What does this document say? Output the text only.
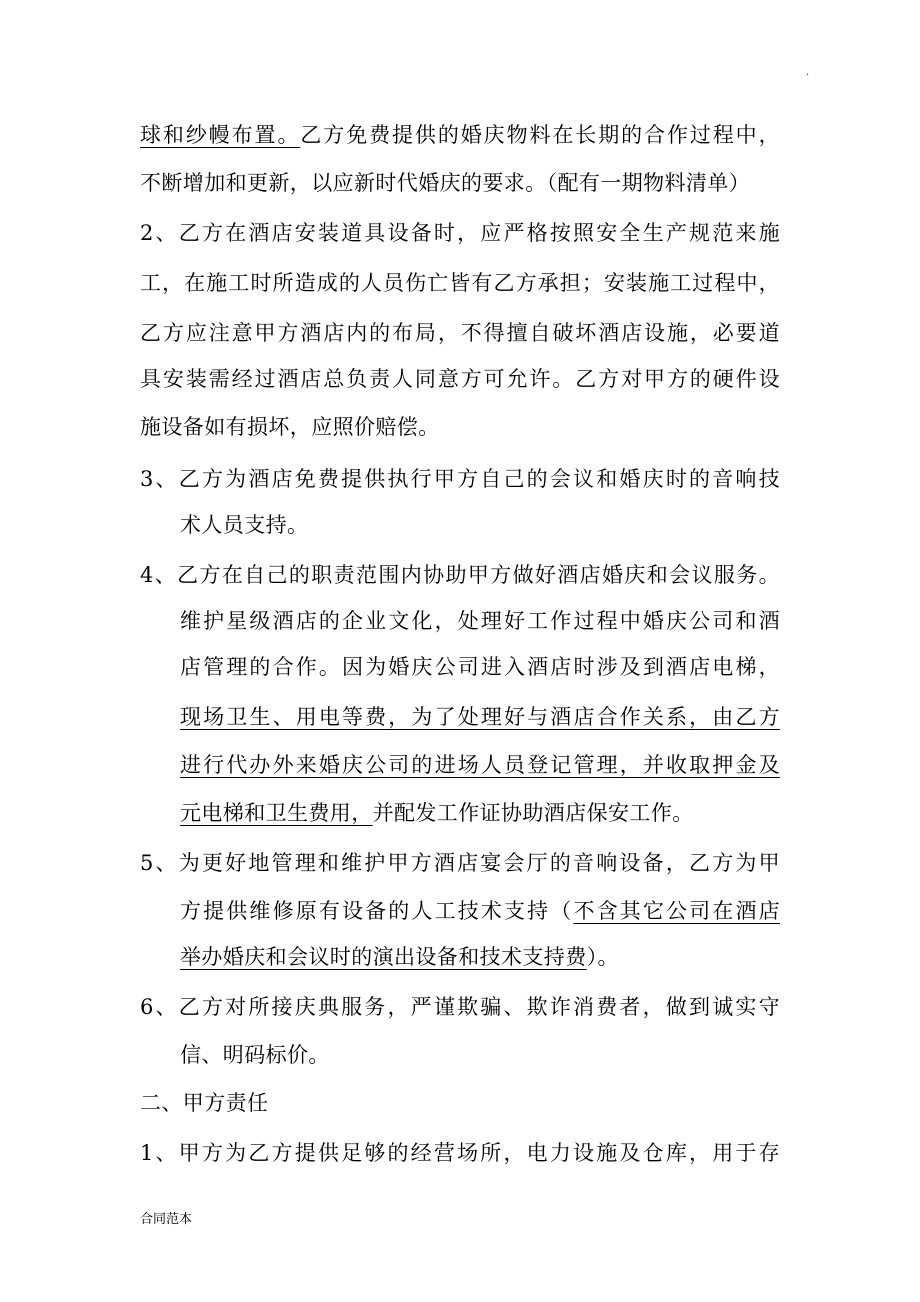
·
球和纱幔布置。乙方免费提供的婚庆物料在长期的合作过程中，
不断增加和更新，以应新时代婚庆的要求。（配有一期物料清单）
2、乙方在酒店安装道具设备时，应严格按照安全生产规范来施
工，在施工时所造成的人员伤亡皆有乙方承担；安装施工过程中，
乙方应注意甲方酒店内的布局，不得擅自破坏酒店设施，必要道
具安装需经过酒店总负责人同意方可允许。乙方对甲方的硬件设
施设备如有损坏，应照价赔偿。
3、乙方为酒店免费提供执行甲方自己的会议和婚庆时的音响技
术人员支持。
4、乙方在自己的职责范围内协助甲方做好酒店婚庆和会议服务。
维护星级酒店的企业文化，处理好工作过程中婚庆公司和酒
店管理的合作。因为婚庆公司进入酒店时涉及到酒店电梯，
现场卫生、用电等费，为了处理好与酒店合作关系，由乙方
进行代办外来婚庆公司的进场人员登记管理，并收取押金及
元电梯和卫生费用，并配发工作证协助酒店保安工作。
5、为更好地管理和维护甲方酒店宴会厅的音响设备，乙方为甲
方提供维修原有设备的人工技术支持（不含其它公司在酒店
举办婚庆和会议时的演出设备和技术支持费）。
6、乙方对所接庆典服务，严谨欺骗、欺诈消费者，做到诚实守
信、明码标价。
二、甲方责任
1、甲方为乙方提供足够的经营场所，电力设施及仓库，用于存
合同范本
